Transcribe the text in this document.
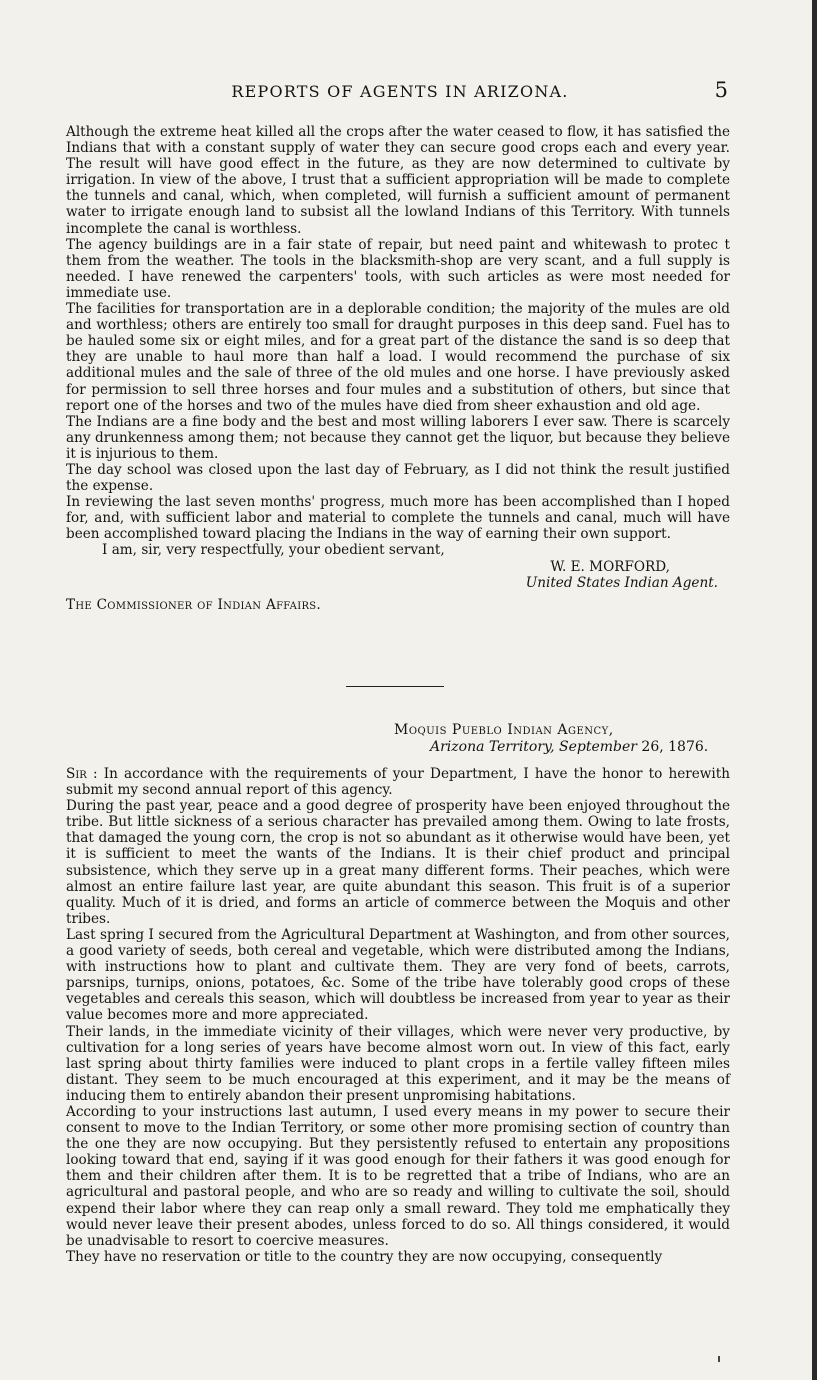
REPORTS OF AGENTS IN ARIZONA.	5

Although the extreme heat killed all the crops after the water ceased to flow, it has satisfied the Indians that with a constant supply of water they can secure good crops each and every year. The result will have good effect in the future, as they are now determined to cultivate by irrigation. In view of the above, I trust that a sufficient appropriation will be made to complete the tunnels and canal, which, when completed, will furnish a sufficient amount of permanent water to irrigate enough land to subsist all the lowland Indians of this Territory. With tunnels incomplete the canal is worthless.

The agency buildings are in a fair state of repair, but need paint and whitewash to protec t them from the weather. The tools in the blacksmith-shop are very scant, and a full supply is needed. I have renewed the carpenters' tools, with such articles as were most needed for immediate use.

The facilities for transportation are in a deplorable condition; the majority of the mules are old and worthless; others are entirely too small for draught purposes in this deep sand. Fuel has to be hauled some six or eight miles, and for a great part of the distance the sand is so deep that they are unable to haul more than half a load. I would recommend the purchase of six additional mules and the sale of three of the old mules and one horse. I have previously asked for permission to sell three horses and four mules and a substitution of others, but since that report one of the horses and two of the mules have died from sheer exhaustion and old age.

The Indians are a fine body and the best and most willing laborers I ever saw. There is scarcely any drunkenness among them; not because they cannot get the liquor, but because they believe it is injurious to them.

The day school was closed upon the last day of February, as I did not think the result justified the expense.

In reviewing the last seven months' progress, much more has been accomplished than I hoped for, and, with sufficient labor and material to complete the tunnels and canal, much will have been accomplished toward placing the Indians in the way of earning their own support.

I am, sir, very respectfully, your obedient servant,
W. E. MORFORD,
United States Indian Agent.
The Commissioner of Indian Affairs.
Moquis Pueblo Indian Agency,
Arizona Territory, September 26, 1876.

Sir : In accordance with the requirements of your Department, I have the honor to herewith submit my second annual report of this agency.

During the past year, peace and a good degree of prosperity have been enjoyed throughout the tribe. But little sickness of a serious character has prevailed among them. Owing to late frosts, that damaged the young corn, the crop is not so abundant as it otherwise would have been, yet it is sufficient to meet the wants of the Indians. It is their chief product and principal subsistence, which they serve up in a great many different forms. Their peaches, which were almost an entire failure last year, are quite abundant this season. This fruit is of a superior quality. Much of it is dried, and forms an article of commerce between the Moquis and other tribes.

Last spring I secured from the Agricultural Department at Washington, and from other sources, a good variety of seeds, both cereal and vegetable, which were distributed among the Indians, with instructions how to plant and cultivate them. They are very fond of beets, carrots, parsnips, turnips, onions, potatoes, &c. Some of the tribe have tolerably good crops of these vegetables and cereals this season, which will doubtless be increased from year to year as their value becomes more and more appreciated.

Their lands, in the immediate vicinity of their villages, which were never very productive, by cultivation for a long series of years have become almost worn out. In view of this fact, early last spring about thirty families were induced to plant crops in a fertile valley fifteen miles distant. They seem to be much encouraged at this experiment, and it may be the means of inducing them to entirely abandon their present unpromising habitations.

According to your instructions last autumn, I used every means in my power to secure their consent to move to the Indian Territory, or some other more promising section of country than the one they are now occupying. But they persistently refused to entertain any propositions looking toward that end, saying if it was good enough for their fathers it was good enough for them and their children after them. It is to be regretted that a tribe of Indians, who are an agricultural and pastoral people, and who are so ready and willing to cultivate the soil, should expend their labor where they can reap only a small reward. They told me emphatically they would never leave their present abodes, unless forced to do so. All things considered, it would be unadvisable to resort to coercive measures.

They have no reservation or title to the country they are now occupying, consequently
